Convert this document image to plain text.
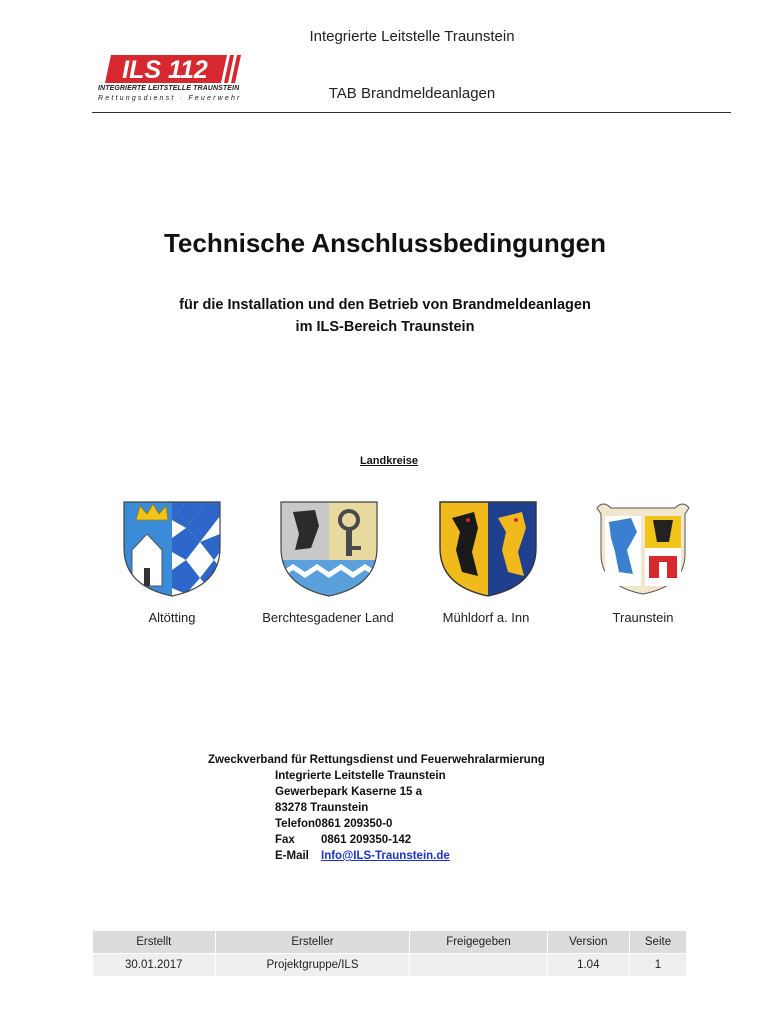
Integrierte Leitstelle Traunstein
TAB Brandmeldeanlagen
ILS 112
INTEGRIERTE LEITSTELLE TRAUNSTEIN
Rettungsdienst · Feuerwehr
Technische Anschlussbedingungen
für die Installation und den Betrieb von Brandmeldeanlagen
im ILS-Bereich Traunstein
Landkreise
Altötting	Berchtesgadener Land	Mühldorf a. Inn	Traunstein
Zweckverband für Rettungsdienst und Feuerwehralarmierung
Integrierte Leitstelle Traunstein
Gewerbepark Kaserne 15 a
83278 Traunstein
Telefon0861 209350-0
Fax 0861 209350-142
E-Mail Info@ILS-Traunstein.de
Erstellt	Ersteller	Freigegeben	Version	Seite
30.01.2017	Projektgruppe/ILS		1.04	1
